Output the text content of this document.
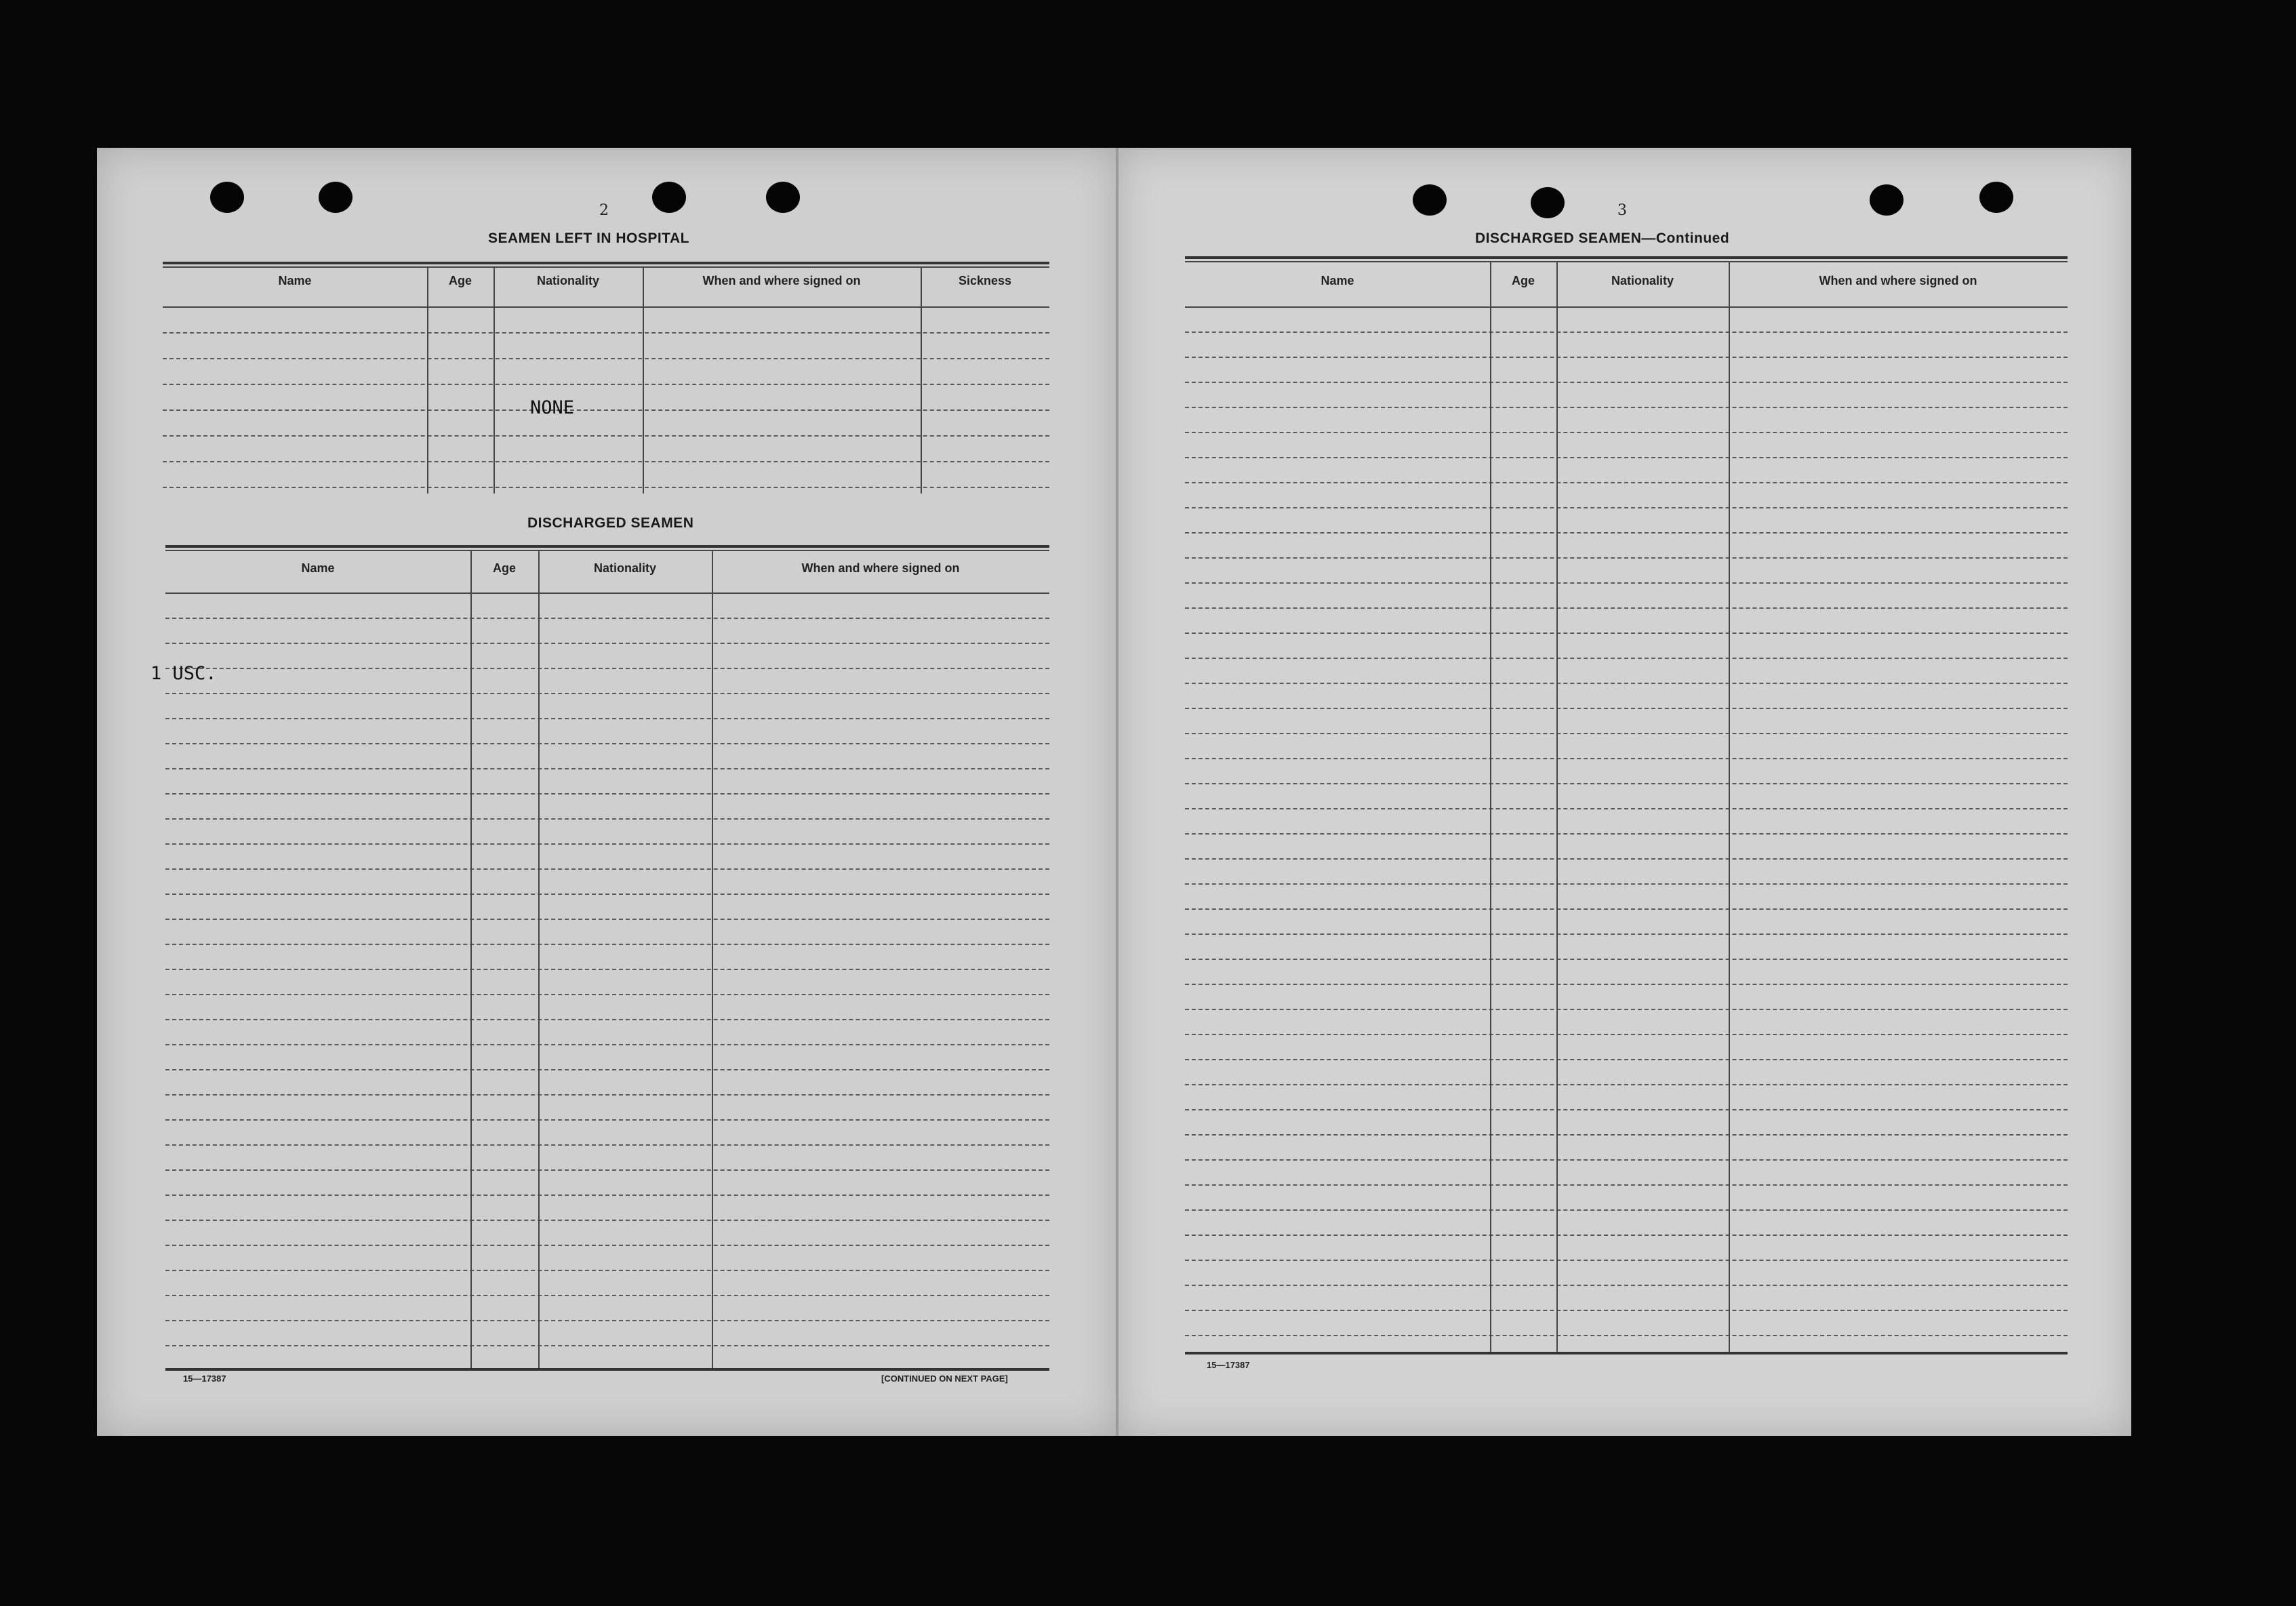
2
SEAMEN LEFT IN HOSPITAL
Name	Age	Nationality	When and where signed on	Sickness
NONE
DISCHARGED SEAMEN
Name	Age	Nationality	When and where signed on
1 USC.
15—17387	[CONTINUED ON NEXT PAGE]
3
DISCHARGED SEAMEN—Continued
Name	Age	Nationality	When and where signed on
15—17387
